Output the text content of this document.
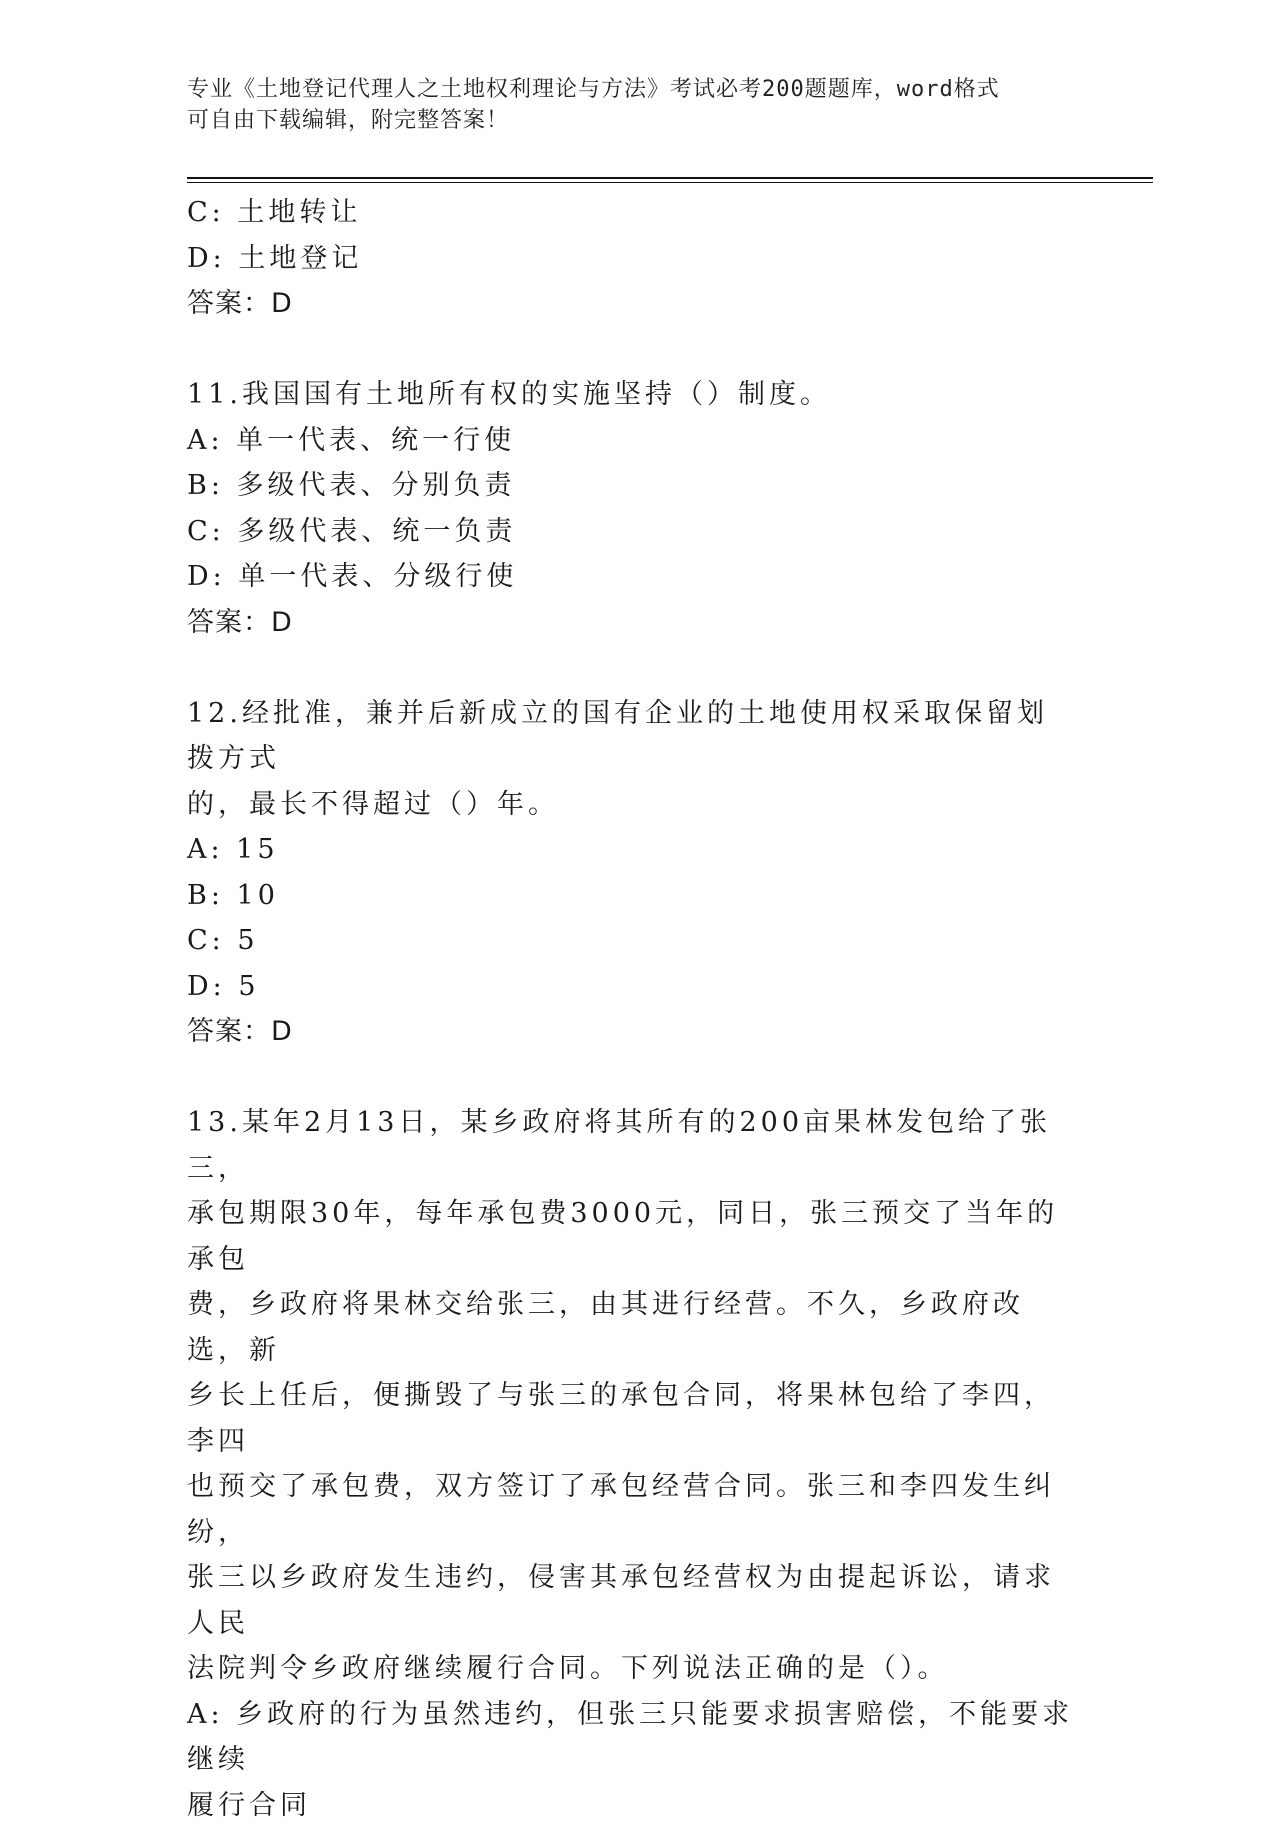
专业《土地登记代理人之土地权利理论与方法》考试必考200题题库，word格式
可自由下载编辑，附完整答案！

C: 土地转让

D: 土地登记

答案：D

11.我国国有土地所有权的实施坚持（）制度。

A: 单一代表、统一行使

B: 多级代表、分别负责

C: 多级代表、统一负责

D: 单一代表、分级行使

答案：D

12.经批准，兼并后新成立的国有企业的土地使用权采取保留划拨方式

的，最长不得超过（）年。

A: 15

B: 10

C: 5

D: 5

答案：D

13.某年2月13日，某乡政府将其所有的200亩果林发包给了张三，

承包期限30年，每年承包费3000元，同日，张三预交了当年的承包

费，乡政府将果林交给张三，由其进行经营。不久，乡政府改选，新

乡长上任后，便撕毁了与张三的承包合同，将果林包给了李四，李四

也预交了承包费，双方签订了承包经营合同。张三和李四发生纠纷，

张三以乡政府发生违约，侵害其承包经营权为由提起诉讼，请求人民

法院判令乡政府继续履行合同。下列说法正确的是（）。

A: 乡政府的行为虽然违约，但张三只能要求损害赔偿，不能要求继续

履行合同
